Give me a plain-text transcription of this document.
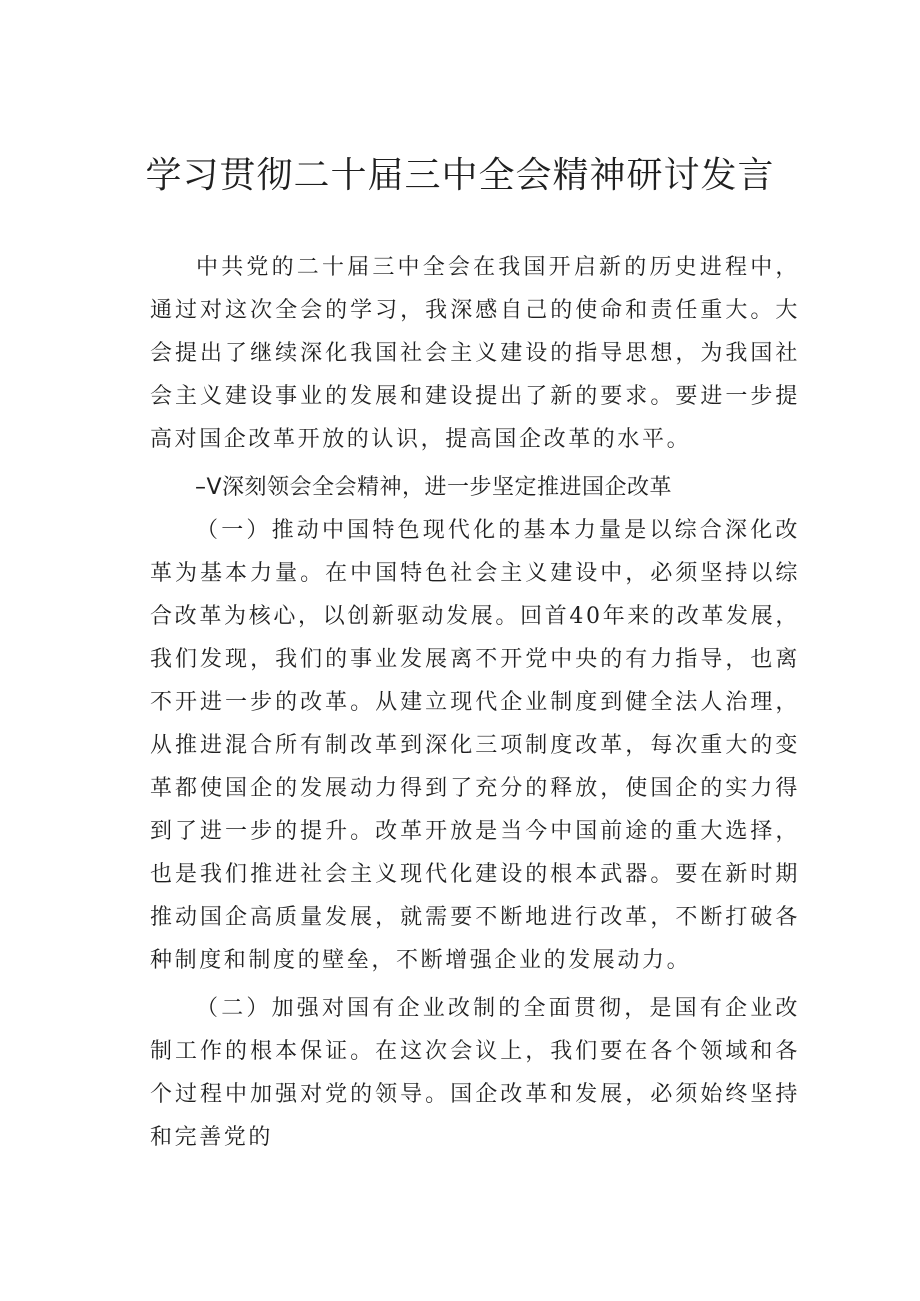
学习贯彻二十届三中全会精神研讨发言

中共党的二十届三中全会在我国开启新的历史进程中，通过对这次全会的学习，我深感自己的使命和责任重大。大会提出了继续深化我国社会主义建设的指导思想，为我国社会主义建设事业的发展和建设提出了新的要求。要进一步提高对国企改革开放的认识，提高国企改革的水平。

–V深刻领会全会精神，进一步坚定推进国企改革

（一）推动中国特色现代化的基本力量是以综合深化改革为基本力量。在中国特色社会主义建设中，必须坚持以综合改革为核心，以创新驱动发展。回首40年来的改革发展，我们发现，我们的事业发展离不开党中央的有力指导，也离不开进一步的改革。从建立现代企业制度到健全法人治理，从推进混合所有制改革到深化三项制度改革，每次重大的变革都使国企的发展动力得到了充分的释放，使国企的实力得到了进一步的提升。改革开放是当今中国前途的重大选择，也是我们推进社会主义现代化建设的根本武器。要在新时期推动国企高质量发展，就需要不断地进行改革，不断打破各种制度和制度的壁垒，不断增强企业的发展动力。

（二）加强对国有企业改制的全面贯彻，是国有企业改制工作的根本保证。在这次会议上，我们要在各个领域和各个过程中加强对党的领导。国企改革和发展，必须始终坚持和完善党的
